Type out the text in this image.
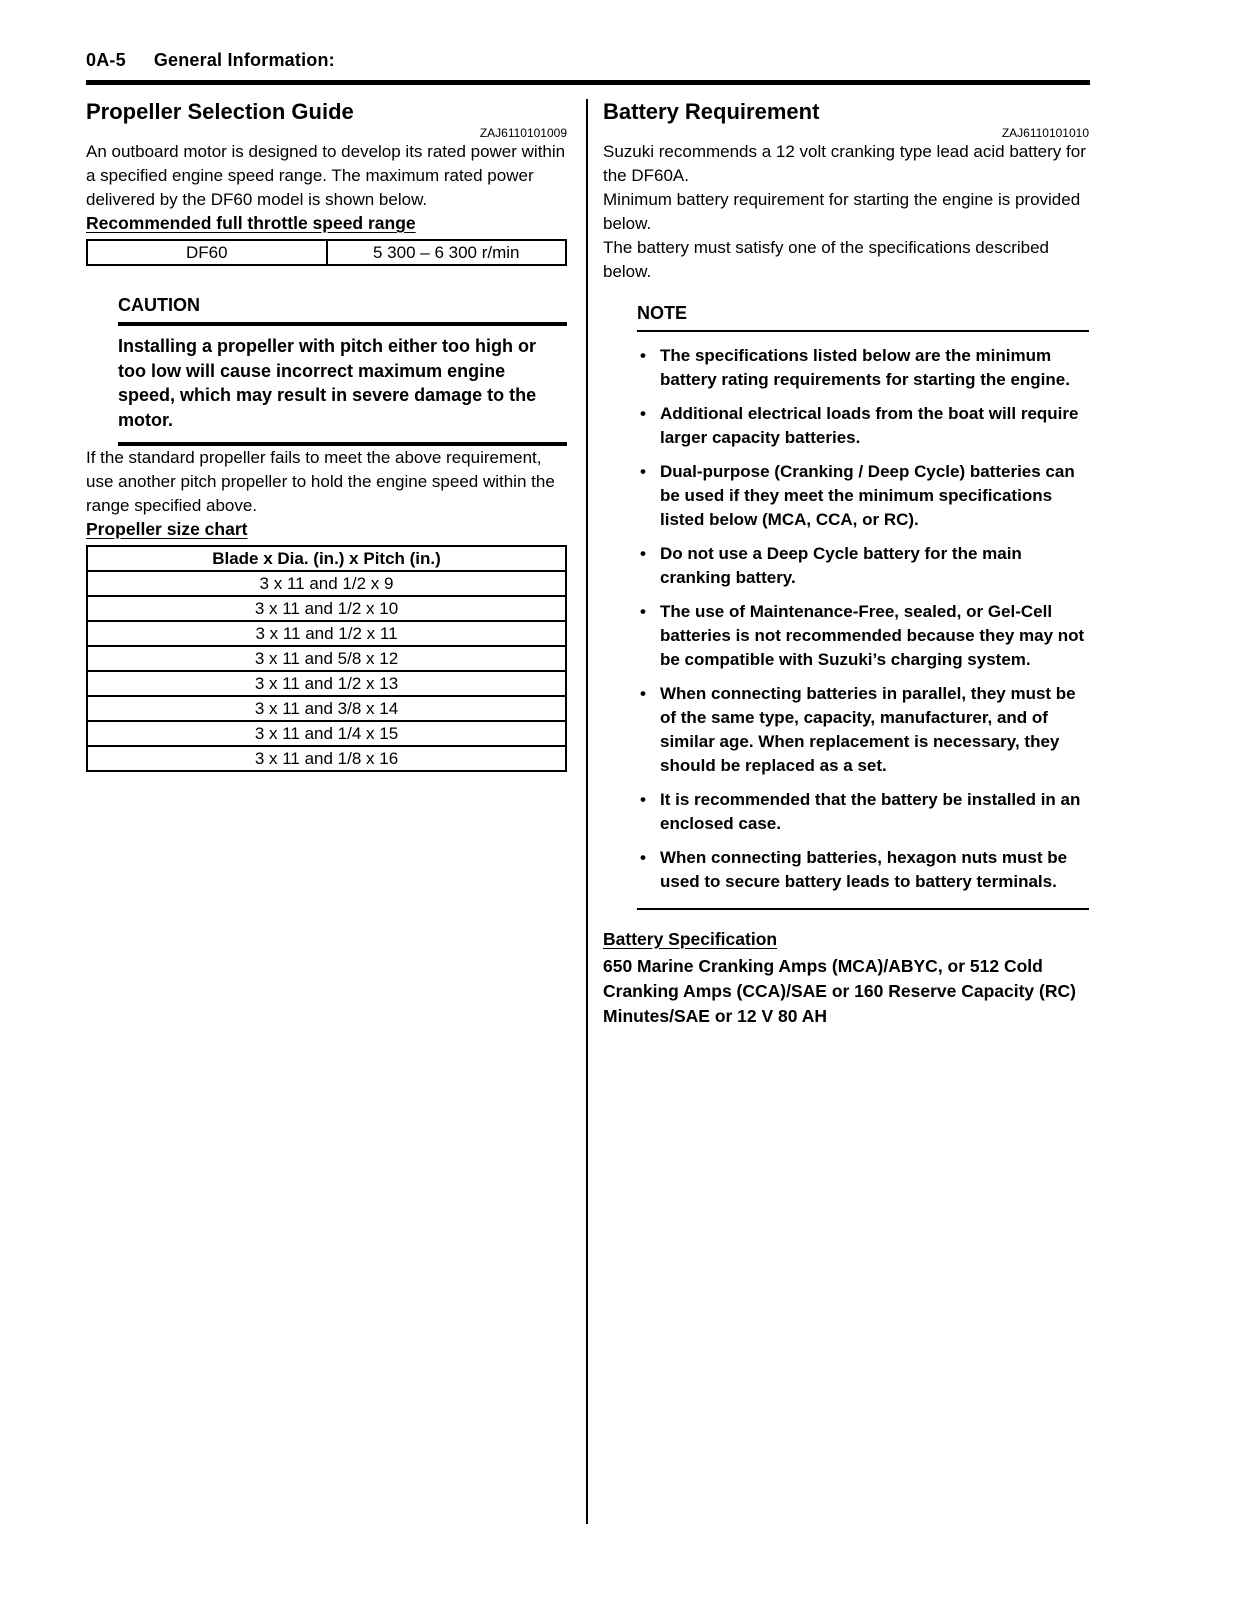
0A-5 General Information:
Propeller Selection Guide
ZAJ6110101009

An outboard motor is designed to develop its rated power within a specified engine speed range. The maximum rated power delivered by the DF60 model is shown below.

Recommended full throttle speed range
DF60	5 300 – 6 300 r/min
CAUTION

Installing a propeller with pitch either too high or too low will cause incorrect maximum engine speed, which may result in severe damage to the motor.

If the standard propeller fails to meet the above requirement, use another pitch propeller to hold the engine speed within the range specified above.

Propeller size chart
Blade x Dia. (in.) x Pitch (in.)
3 x 11 and 1/2 x 9
3 x 11 and 1/2 x 10
3 x 11 and 1/2 x 11
3 x 11 and 5/8 x 12
3 x 11 and 1/2 x 13
3 x 11 and 3/8 x 14
3 x 11 and 1/4 x 15
3 x 11 and 1/8 x 16
Battery Requirement
ZAJ6110101010

Suzuki recommends a 12 volt cranking type lead acid battery for the DF60A.

Minimum battery requirement for starting the engine is provided below.

The battery must satisfy one of the specifications described below.

NOTE
• The specifications listed below are the minimum battery rating requirements for starting the engine.
• Additional electrical loads from the boat will require larger capacity batteries.
• Dual-purpose (Cranking / Deep Cycle) batteries can be used if they meet the minimum specifications listed below (MCA, CCA, or RC).
• Do not use a Deep Cycle battery for the main cranking battery.
• The use of Maintenance-Free, sealed, or Gel-Cell batteries is not recommended because they may not be compatible with Suzuki’s charging system.
• When connecting batteries in parallel, they must be of the same type, capacity, manufacturer, and of similar age. When replacement is necessary, they should be replaced as a set.
• It is recommended that the battery be installed in an enclosed case.
• When connecting batteries, hexagon nuts must be used to secure battery leads to battery terminals.
Battery Specification

650 Marine Cranking Amps (MCA)/ABYC, or 512 Cold Cranking Amps (CCA)/SAE or 160 Reserve Capacity (RC) Minutes/SAE or 12 V 80 AH
